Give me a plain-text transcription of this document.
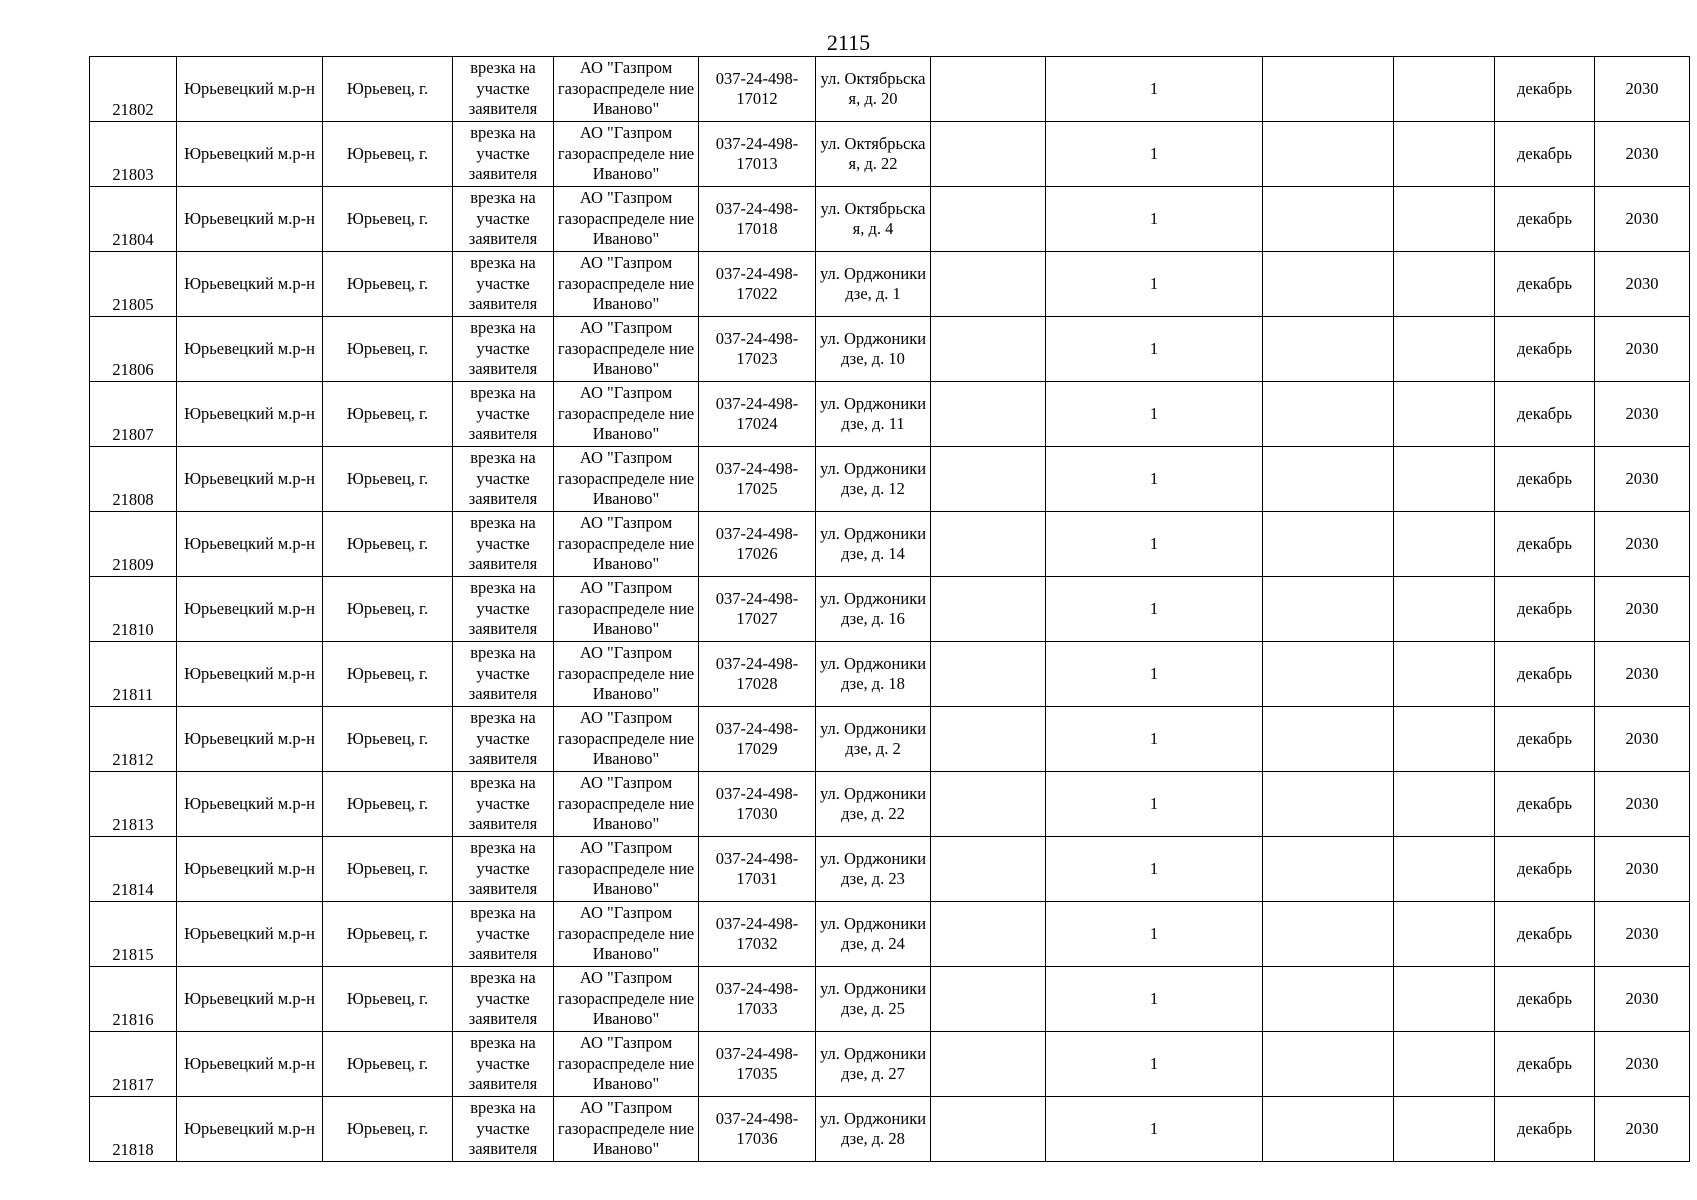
2115
21802	Юрьевецкий м.р-н	Юрьевец, г.	врезка на участке заявителя	АО "Газпром газораспределе ние Иваново"	037-24-498-17012	ул. Октябрьска я, д. 20		1			декабрь	2030
21803	Юрьевецкий м.р-н	Юрьевец, г.	врезка на участке заявителя	АО "Газпром газораспределе ние Иваново"	037-24-498-17013	ул. Октябрьска я, д. 22		1			декабрь	2030
21804	Юрьевецкий м.р-н	Юрьевец, г.	врезка на участке заявителя	АО "Газпром газораспределе ние Иваново"	037-24-498-17018	ул. Октябрьска я, д. 4		1			декабрь	2030
21805	Юрьевецкий м.р-н	Юрьевец, г.	врезка на участке заявителя	АО "Газпром газораспределе ние Иваново"	037-24-498-17022	ул. Орджоники дзе, д. 1		1			декабрь	2030
21806	Юрьевецкий м.р-н	Юрьевец, г.	врезка на участке заявителя	АО "Газпром газораспределе ние Иваново"	037-24-498-17023	ул. Орджоники дзе, д. 10		1			декабрь	2030
21807	Юрьевецкий м.р-н	Юрьевец, г.	врезка на участке заявителя	АО "Газпром газораспределе ние Иваново"	037-24-498-17024	ул. Орджоники дзе, д. 11		1			декабрь	2030
21808	Юрьевецкий м.р-н	Юрьевец, г.	врезка на участке заявителя	АО "Газпром газораспределе ние Иваново"	037-24-498-17025	ул. Орджоники дзе, д. 12		1			декабрь	2030
21809	Юрьевецкий м.р-н	Юрьевец, г.	врезка на участке заявителя	АО "Газпром газораспределе ние Иваново"	037-24-498-17026	ул. Орджоники дзе, д. 14		1			декабрь	2030
21810	Юрьевецкий м.р-н	Юрьевец, г.	врезка на участке заявителя	АО "Газпром газораспределе ние Иваново"	037-24-498-17027	ул. Орджоники дзе, д. 16		1			декабрь	2030
21811	Юрьевецкий м.р-н	Юрьевец, г.	врезка на участке заявителя	АО "Газпром газораспределе ние Иваново"	037-24-498-17028	ул. Орджоники дзе, д. 18		1			декабрь	2030
21812	Юрьевецкий м.р-н	Юрьевец, г.	врезка на участке заявителя	АО "Газпром газораспределе ние Иваново"	037-24-498-17029	ул. Орджоники дзе, д. 2		1			декабрь	2030
21813	Юрьевецкий м.р-н	Юрьевец, г.	врезка на участке заявителя	АО "Газпром газораспределе ние Иваново"	037-24-498-17030	ул. Орджоники дзе, д. 22		1			декабрь	2030
21814	Юрьевецкий м.р-н	Юрьевец, г.	врезка на участке заявителя	АО "Газпром газораспределе ние Иваново"	037-24-498-17031	ул. Орджоники дзе, д. 23		1			декабрь	2030
21815	Юрьевецкий м.р-н	Юрьевец, г.	врезка на участке заявителя	АО "Газпром газораспределе ние Иваново"	037-24-498-17032	ул. Орджоники дзе, д. 24		1			декабрь	2030
21816	Юрьевецкий м.р-н	Юрьевец, г.	врезка на участке заявителя	АО "Газпром газораспределе ние Иваново"	037-24-498-17033	ул. Орджоники дзе, д. 25		1			декабрь	2030
21817	Юрьевецкий м.р-н	Юрьевец, г.	врезка на участке заявителя	АО "Газпром газораспределе ние Иваново"	037-24-498-17035	ул. Орджоники дзе, д. 27		1			декабрь	2030
21818	Юрьевецкий м.р-н	Юрьевец, г.	врезка на участке заявителя	АО "Газпром газораспределе ние Иваново"	037-24-498-17036	ул. Орджоники дзе, д. 28		1			декабрь	2030
